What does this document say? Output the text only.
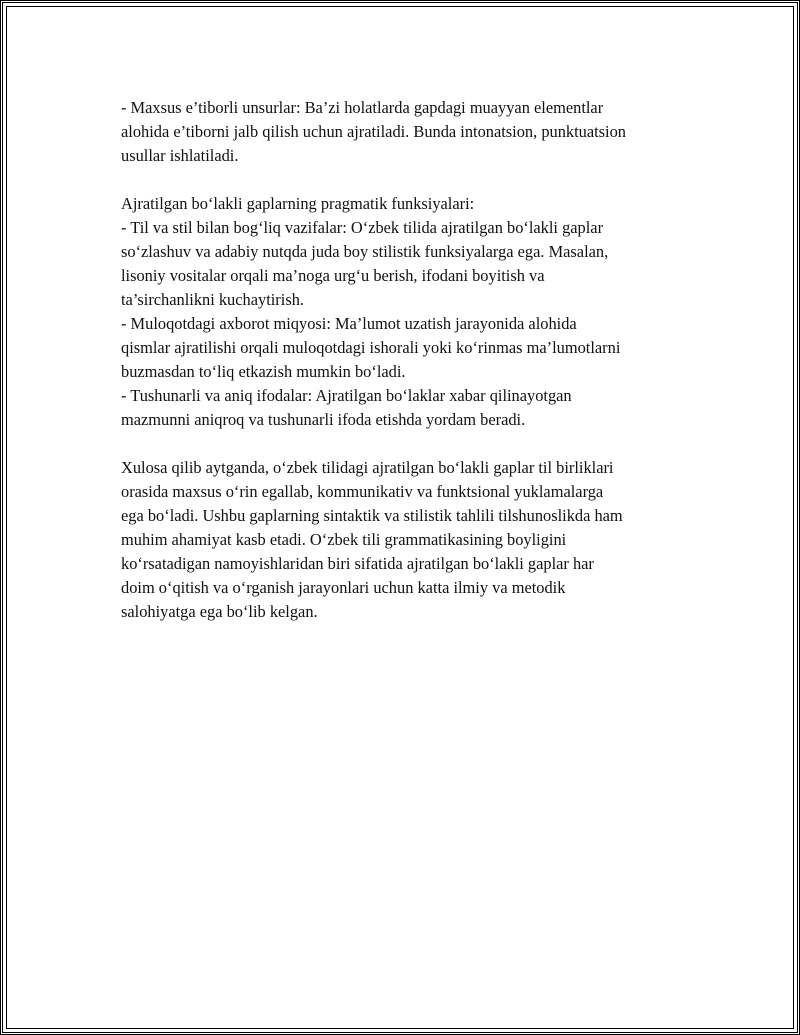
- Maxsus e’tiborli unsurlar: Ba’zi holatlarda gapdagi muayyan elementlar
alohida e’tiborni jalb qilish uchun ajratiladi. Bunda intonatsion, punktuatsion
usullar ishlatiladi.
Ajratilgan bo‘lakli gaplarning pragmatik funksiyalari:
- Til va stil bilan bog‘liq vazifalar: O‘zbek tilida ajratilgan bo‘lakli gaplar
so‘zlashuv va adabiy nutqda juda boy stilistik funksiyalarga ega. Masalan,
lisoniy vositalar orqali ma’noga urg‘u berish, ifodani boyitish va
ta’sirchanlikni kuchaytirish.
- Muloqotdagi axborot miqyosi: Ma’lumot uzatish jarayonida alohida
qismlar ajratilishi orqali muloqotdagi ishorali yoki ko‘rinmas ma’lumotlarni
buzmasdan to‘liq etkazish mumkin bo‘ladi.
- Tushunarli va aniq ifodalar: Ajratilgan bo‘laklar xabar qilinayotgan
mazmunni aniqroq va tushunarli ifoda etishda yordam beradi.
Xulosa qilib aytganda, o‘zbek tilidagi ajratilgan bo‘lakli gaplar til birliklari
orasida maxsus o‘rin egallab, kommunikativ va funktsional yuklamalarga
ega bo‘ladi. Ushbu gaplarning sintaktik va stilistik tahlili tilshunoslikda ham
muhim ahamiyat kasb etadi. O‘zbek tili grammatikasining boyligini
ko‘rsatadigan namoyishlaridan biri sifatida ajratilgan bo‘lakli gaplar har
doim o‘qitish va o‘rganish jarayonlari uchun katta ilmiy va metodik
salohiyatga ega bo‘lib kelgan.
